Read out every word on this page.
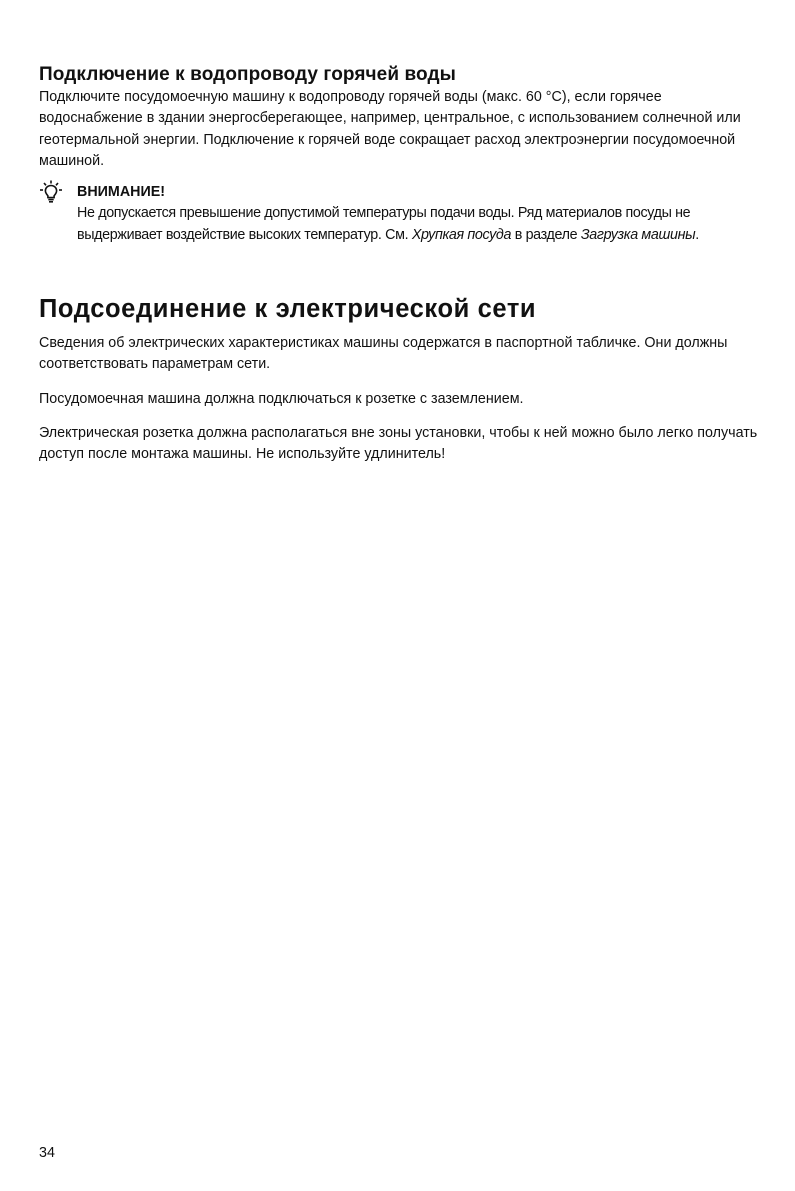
Подключение к водопроводу горячей воды

Подключите посудомоечную машину к водопроводу горячей воды (макс. 60 °C), если горячее водоснабжение в здании энергосберегающее, например, центральное, с использованием солнечной или геотермальной энергии. Подключение к горячей воде сокращает расход электроэнергии посудомоечной машиной.

ВНИМАНИЕ!
Не допускается превышение допустимой температуры подачи воды. Ряд материалов посуды не выдерживает воздействие высоких температур. См. Хрупкая посуда в разделе Загрузка машины.
Подсоединение к электрической сети

Сведения об электрических характеристиках машины содержатся в паспортной табличке. Они должны соответствовать параметрам сети.

Посудомоечная машина должна подключаться к розетке с заземлением.

Электрическая розетка должна располагаться вне зоны установки, чтобы к ней можно было легко получать доступ после монтажа машины. Не используйте удлинитель!

34
